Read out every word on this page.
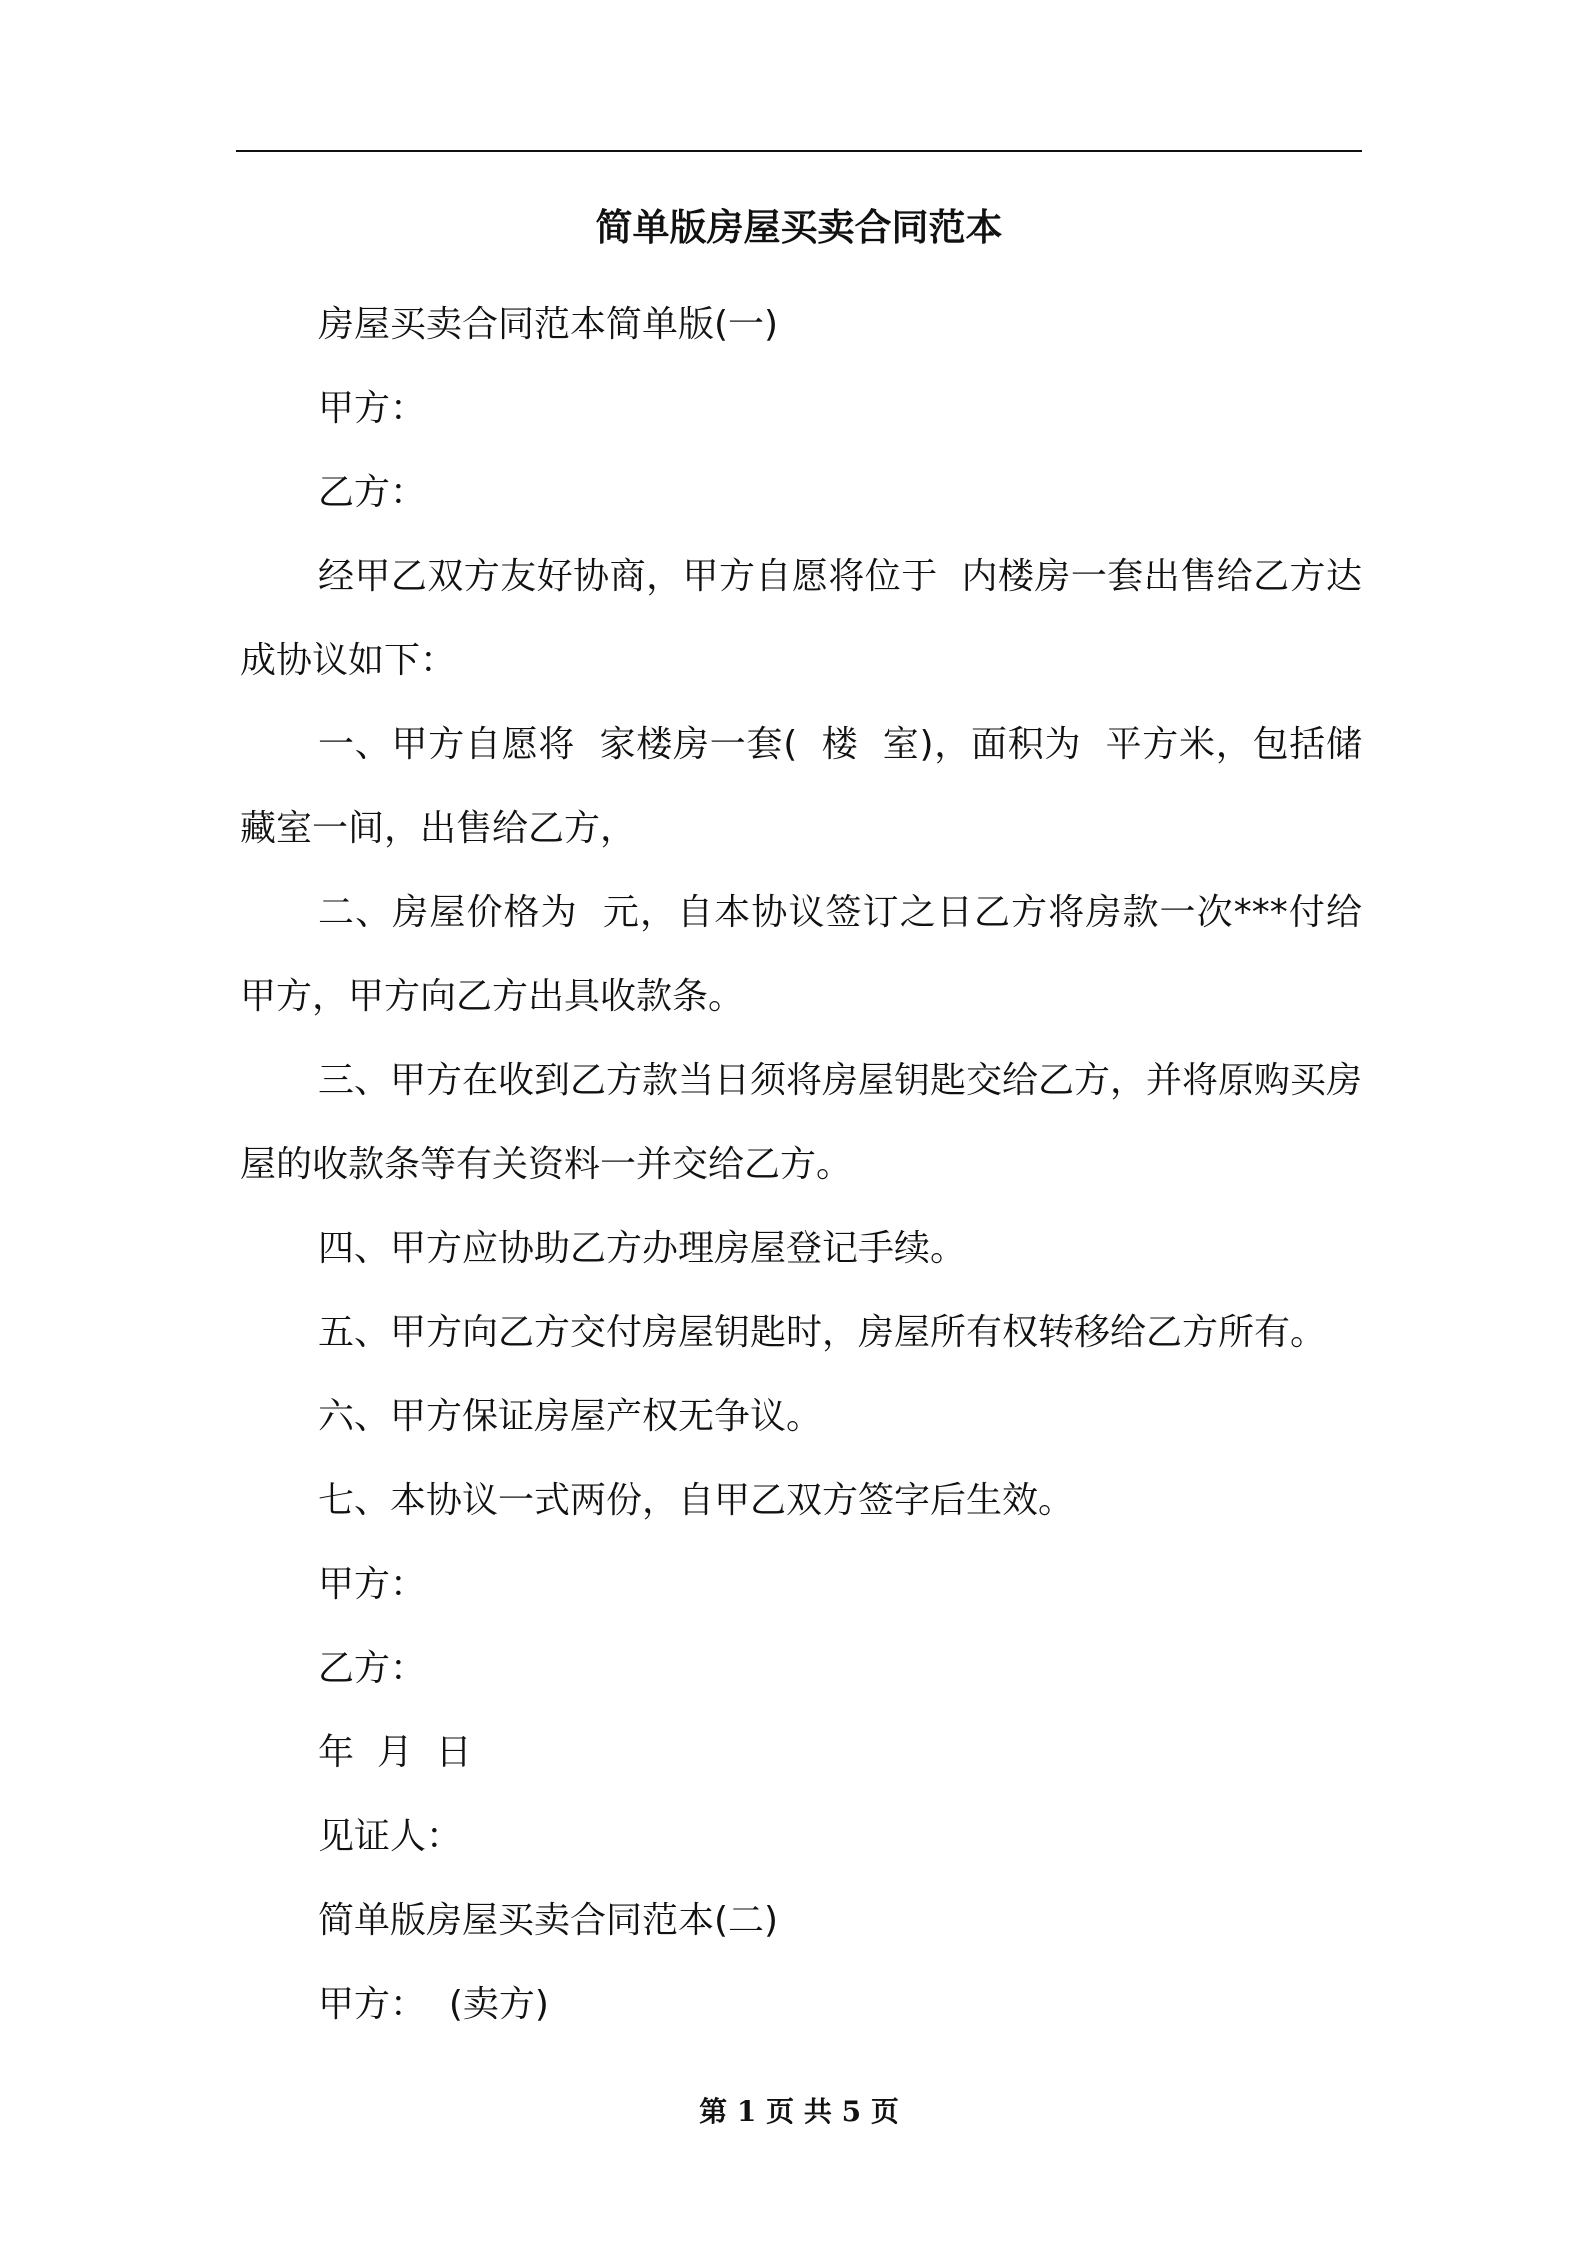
简单版房屋买卖合同范本

房屋买卖合同范本简单版(一)

甲方：

乙方：

经甲乙双方友好协商，甲方自愿将位于  内楼房一套出售给乙方达成协议如下：

一、甲方自愿将  家楼房一套(  楼  室)，面积为  平方米，包括储藏室一间，出售给乙方，

二、房屋价格为  元，自本协议签订之日乙方将房款一次***付给甲方，甲方向乙方出具收款条。

三、甲方在收到乙方款当日须将房屋钥匙交给乙方，并将原购买房屋的收款条等有关资料一并交给乙方。

四、甲方应协助乙方办理房屋登记手续。

五、甲方向乙方交付房屋钥匙时，房屋所有权转移给乙方所有。

六、甲方保证房屋产权无争议。

七、本协议一式两份，自甲乙双方签字后生效。

甲方：

乙方：

年  月  日

见证人：

简单版房屋买卖合同范本(二)

甲方：  (卖方)

第 1 页 共 5 页
